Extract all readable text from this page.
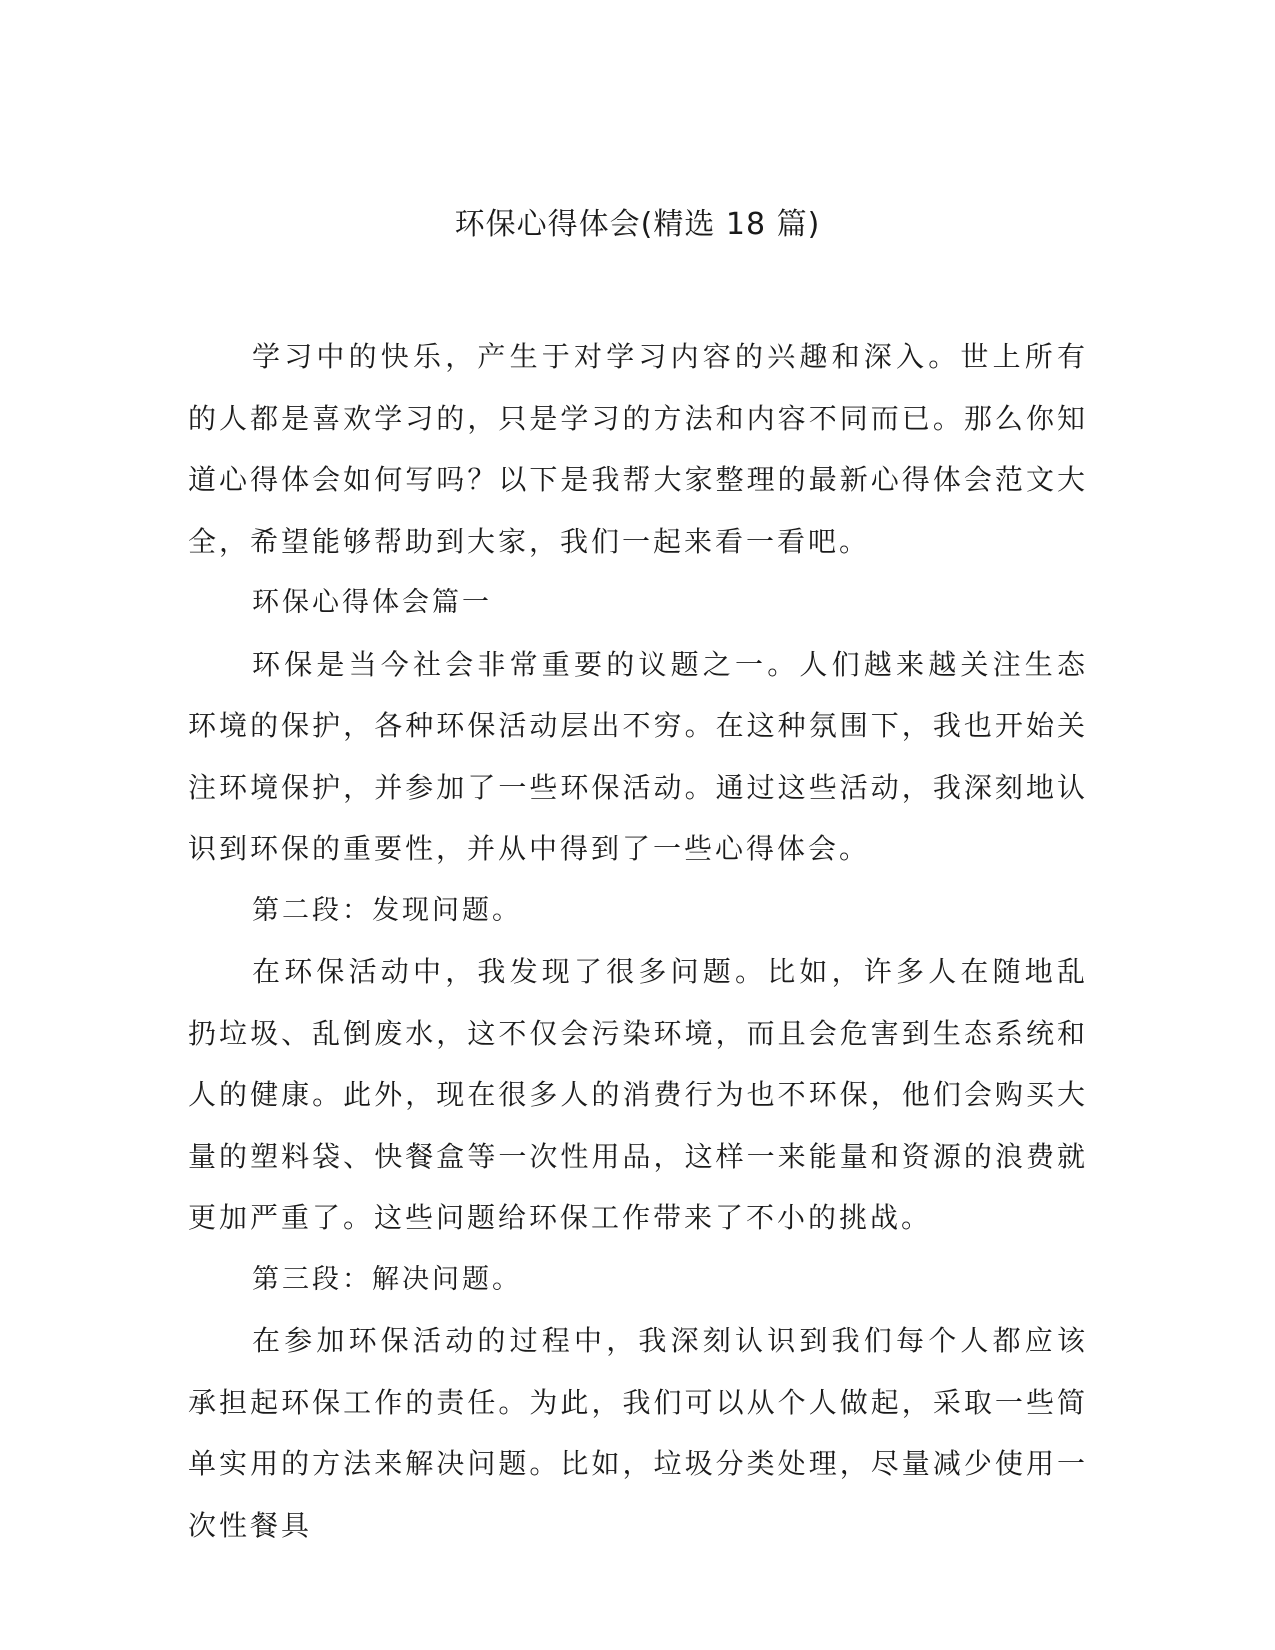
环保心得体会(精选 18 篇)

学习中的快乐，产生于对学习内容的兴趣和深入。世上所有的人都是喜欢学习的，只是学习的方法和内容不同而已。那么你知道心得体会如何写吗？以下是我帮大家整理的最新心得体会范文大全，希望能够帮助到大家，我们一起来看一看吧。

环保心得体会篇一

环保是当今社会非常重要的议题之一。人们越来越关注生态环境的保护，各种环保活动层出不穷。在这种氛围下，我也开始关注环境保护，并参加了一些环保活动。通过这些活动，我深刻地认识到环保的重要性，并从中得到了一些心得体会。

第二段：发现问题。

在环保活动中，我发现了很多问题。比如，许多人在随地乱扔垃圾、乱倒废水，这不仅会污染环境，而且会危害到生态系统和人的健康。此外，现在很多人的消费行为也不环保，他们会购买大量的塑料袋、快餐盒等一次性用品，这样一来能量和资源的浪费就更加严重了。这些问题给环保工作带来了不小的挑战。

第三段：解决问题。

在参加环保活动的过程中，我深刻认识到我们每个人都应该承担起环保工作的责任。为此，我们可以从个人做起，采取一些简单实用的方法来解决问题。比如，垃圾分类处理，尽量减少使用一次性餐具
